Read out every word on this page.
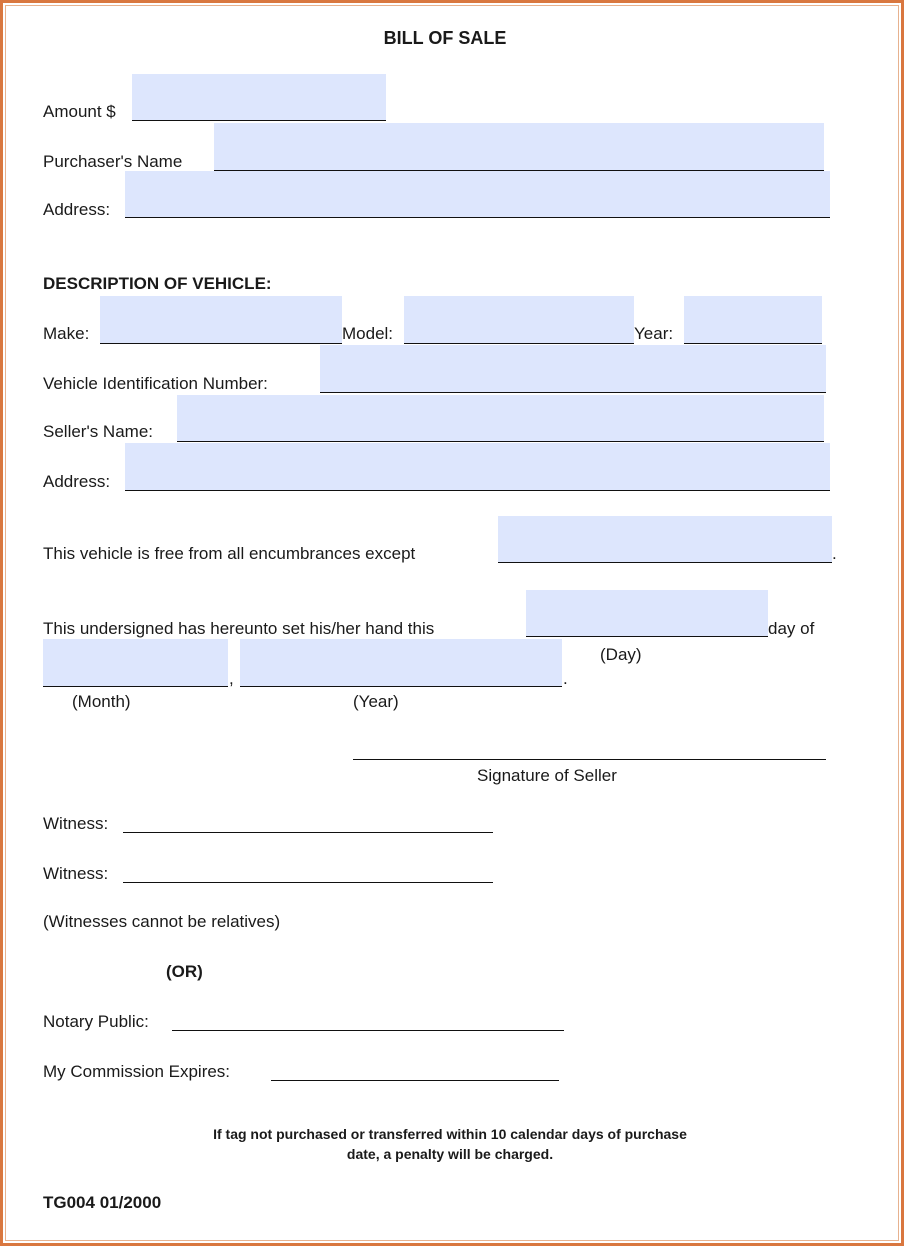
BILL OF SALE
Amount $
Purchaser's Name
Address:
DESCRIPTION OF VEHICLE:
Make:	Model:	Year:
Vehicle Identification Number:
Seller's Name:
Address:
This vehicle is free from all encumbrances except	.
This undersigned has hereunto set his/her hand this	day of
(Day)
,	.
(Month)	(Year)
Signature of Seller
Witness:
Witness:
(Witnesses cannot be relatives)
(OR)
Notary Public:
My Commission Expires:
If tag not purchased or transferred within 10 calendar days of purchase
date, a penalty will be charged.
TG004 01/2000
